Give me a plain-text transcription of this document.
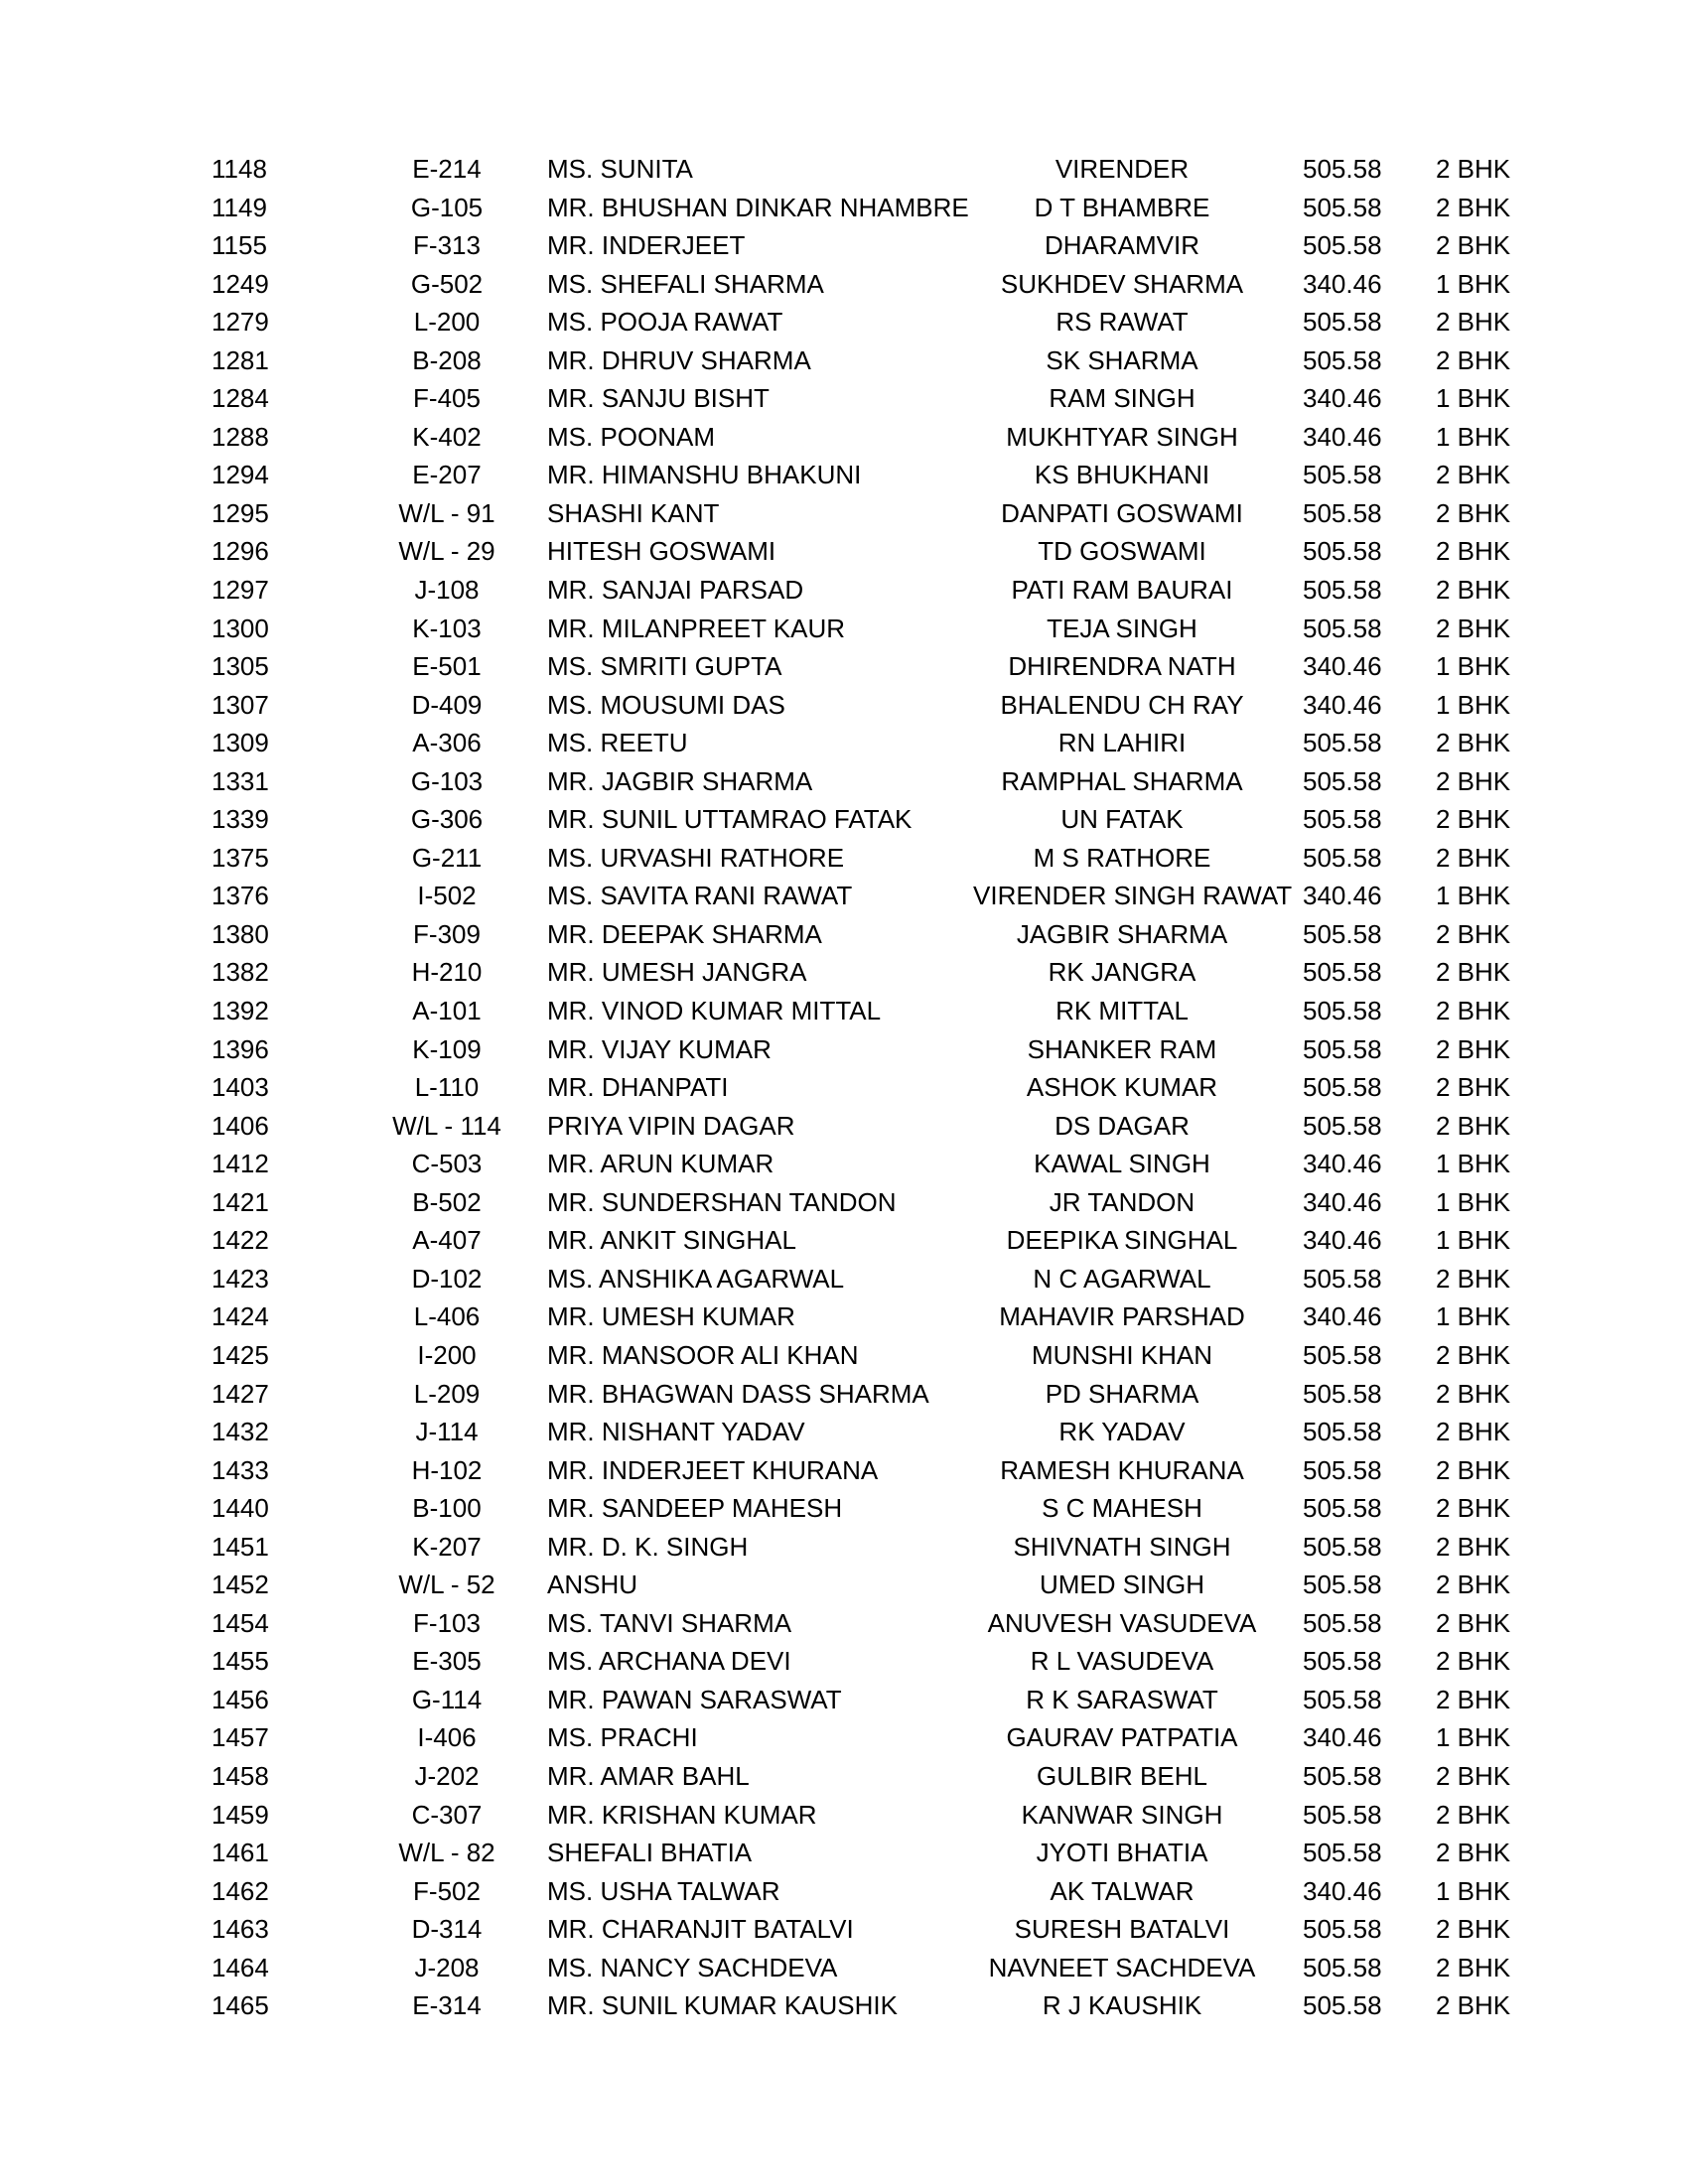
1148	E-214	MS. SUNITA	VIRENDER	505.58 2 BHK
1149	G-105	MR. BHUSHAN DINKAR NHAMBRE	D T BHAMBRE	505.58 2 BHK
1155	F-313	MR. INDERJEET	DHARAMVIR	505.58 2 BHK
1249	G-502	MS. SHEFALI SHARMA	SUKHDEV SHARMA	340.46 1 BHK
1279	L-200	MS. POOJA RAWAT	RS RAWAT	505.58 2 BHK
1281	B-208	MR. DHRUV SHARMA	SK SHARMA	505.58 2 BHK
1284	F-405	MR. SANJU BISHT	RAM SINGH	340.46 1 BHK
1288	K-402	MS. POONAM	MUKHTYAR SINGH	340.46 1 BHK
1294	E-207	MR. HIMANSHU BHAKUNI	KS BHUKHANI	505.58 2 BHK
1295	W/L - 91	SHASHI KANT	DANPATI GOSWAMI	505.58 2 BHK
1296	W/L - 29	HITESH GOSWAMI	TD GOSWAMI	505.58 2 BHK
1297	J-108	MR. SANJAI PARSAD	PATI RAM BAURAI	505.58 2 BHK
1300	K-103	MR. MILANPREET KAUR	TEJA SINGH	505.58 2 BHK
1305	E-501	MS. SMRITI GUPTA	DHIRENDRA NATH	340.46 1 BHK
1307	D-409	MS. MOUSUMI DAS	BHALENDU CH RAY	340.46 1 BHK
1309	A-306	MS. REETU	RN LAHIRI	505.58 2 BHK
1331	G-103	MR. JAGBIR SHARMA	RAMPHAL SHARMA	505.58 2 BHK
1339	G-306	MR. SUNIL UTTAMRAO FATAK	UN FATAK	505.58 2 BHK
1375	G-211	MS. URVASHI RATHORE	M S RATHORE	505.58 2 BHK
1376	I-502	MS. SAVITA RANI RAWAT	VIRENDER SINGH RAWAT 340.46 1 BHK
1380	F-309	MR. DEEPAK SHARMA	JAGBIR SHARMA	505.58 2 BHK
1382	H-210	MR. UMESH JANGRA	RK JANGRA	505.58 2 BHK
1392	A-101	MR. VINOD KUMAR MITTAL	RK MITTAL	505.58 2 BHK
1396	K-109	MR. VIJAY KUMAR	SHANKER RAM	505.58 2 BHK
1403	L-110	MR. DHANPATI	ASHOK KUMAR	505.58 2 BHK
1406	W/L - 114	PRIYA VIPIN DAGAR	DS DAGAR	505.58 2 BHK
1412	C-503	MR. ARUN KUMAR	KAWAL SINGH	340.46 1 BHK
1421	B-502	MR. SUNDERSHAN TANDON	JR TANDON	340.46 1 BHK
1422	A-407	MR. ANKIT SINGHAL	DEEPIKA SINGHAL	340.46 1 BHK
1423	D-102	MS. ANSHIKA AGARWAL	N C AGARWAL	505.58 2 BHK
1424	L-406	MR. UMESH KUMAR	MAHAVIR PARSHAD	340.46 1 BHK
1425	I-200	MR. MANSOOR ALI KHAN	MUNSHI KHAN	505.58 2 BHK
1427	L-209	MR. BHAGWAN DASS SHARMA	PD SHARMA	505.58 2 BHK
1432	J-114	MR. NISHANT YADAV	RK YADAV	505.58 2 BHK
1433	H-102	MR. INDERJEET KHURANA	RAMESH KHURANA	505.58 2 BHK
1440	B-100	MR. SANDEEP MAHESH	S C MAHESH	505.58 2 BHK
1451	K-207	MR. D. K. SINGH	SHIVNATH SINGH	505.58 2 BHK
1452	W/L - 52	ANSHU	UMED SINGH	505.58 2 BHK
1454	F-103	MS. TANVI SHARMA	ANUVESH VASUDEVA	505.58 2 BHK
1455	E-305	MS. ARCHANA DEVI	R L VASUDEVA	505.58 2 BHK
1456	G-114	MR. PAWAN SARASWAT	R K SARASWAT	505.58 2 BHK
1457	I-406	MS. PRACHI	GAURAV PATPATIA	340.46 1 BHK
1458	J-202	MR. AMAR BAHL	GULBIR BEHL	505.58 2 BHK
1459	C-307	MR. KRISHAN KUMAR	KANWAR SINGH	505.58 2 BHK
1461	W/L - 82	SHEFALI BHATIA	JYOTI BHATIA	505.58 2 BHK
1462	F-502	MS. USHA TALWAR	AK TALWAR	340.46 1 BHK
1463	D-314	MR. CHARANJIT BATALVI	SURESH BATALVI	505.58 2 BHK
1464	J-208	MS. NANCY SACHDEVA	NAVNEET SACHDEVA	505.58 2 BHK
1465	E-314	MR. SUNIL KUMAR KAUSHIK	R J KAUSHIK	505.58 2 BHK
